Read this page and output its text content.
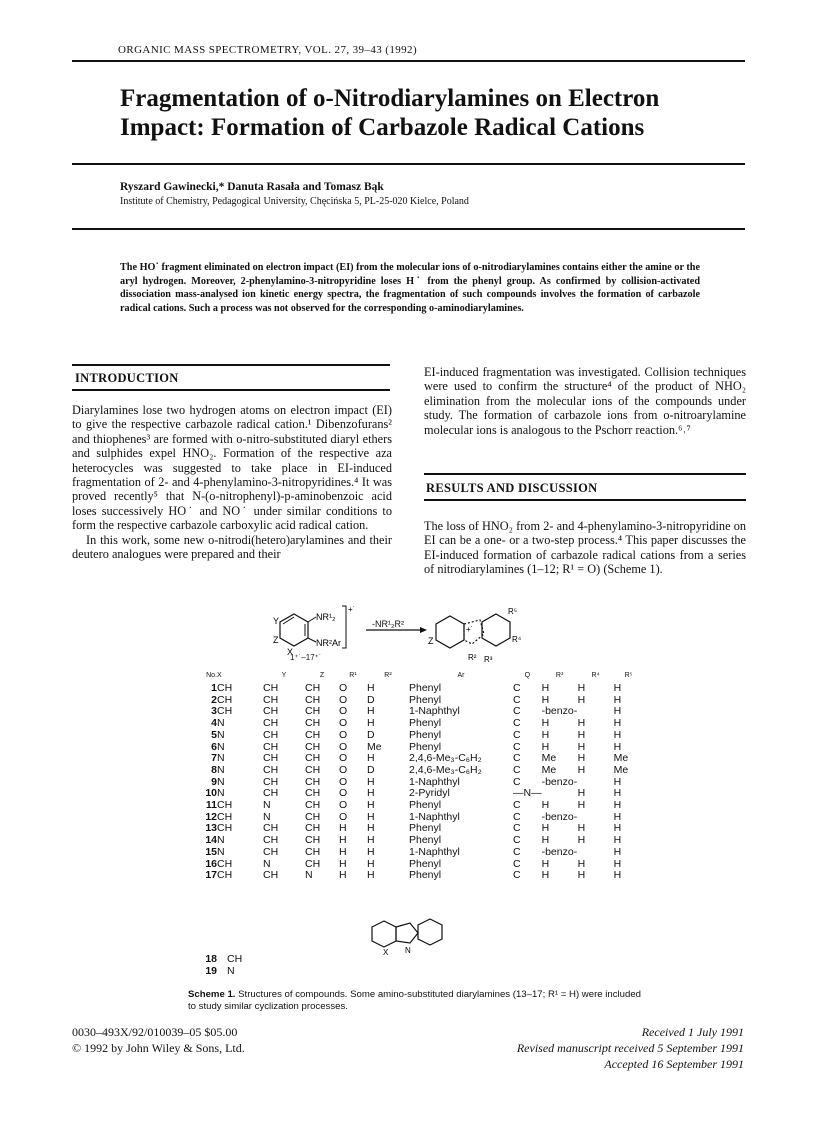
ORGANIC MASS SPECTROMETRY, VOL. 27, 39–43 (1992)
Fragmentation of o-Nitrodiarylamines on Electron
Impact: Formation of Carbazole Radical Cations
Ryszard Gawinecki,* Danuta Rasała and Tomasz Bąk
Institute of Chemistry, Pedagogical University, Chęcińska 5, PL-25-020 Kielce, Poland
The HO˙ fragment eliminated on electron impact (EI) from the molecular ions of o-nitrodiarylamines contains either the amine or the aryl hydrogen. Moreover, 2-phenylamino-3-nitropyridine loses H˙ from the phenyl group. As confirmed by collision-activated dissociation mass-analysed ion kinetic energy spectra, the fragmentation of such compounds involves the formation of carbazole radical cations. Such a process was not observed for the corresponding o-aminodiarylamines.
INTRODUCTION

Diarylamines lose two hydrogen atoms on electron impact (EI) to give the respective carbazole radical cation.¹ Dibenzofurans² and thiophenes³ are formed with o-nitro-substituted diaryl ethers and sulphides expel HNO₂. Formation of the respective aza heterocycles was suggested to take place in EI-induced fragmentation of 2- and 4-phenylamino-3-nitropyridines.⁴ It was proved recently⁵ that N-(o-nitrophenyl)-p-aminobenzoic acid loses successively HO˙ and NO˙ under similar conditions to form the respective carbazole carboxylic acid radical cation.

In this work, some new o-nitrodi(hetero)arylamines and their deutero analogues were prepared and their

EI-induced fragmentation was investigated. Collision techniques were used to confirm the structure⁴ of the product of NHO₂ elimination from the molecular ions of the compounds under study. The formation of carbazole ions from o-nitroarylamine molecular ions is analogous to the Pschorr reaction.⁶˒⁷

RESULTS AND DISCUSSION

The loss of HNO₂ from 2- and 4-phenylamino-3-nitropyridine on EI can be a one- or a two-step process.⁴ This paper discusses the EI-induced formation of carbazole radical cations from a series of nitrodiarylamines (1–12; R¹ = O) (Scheme 1).

Y
Z
X
NR¹₂
NR²Ar
+˙
Z
+˙
R² R³
R⁵
R⁴
-NR¹₂R²
1⁺˙–17⁺˙
No.	X	Y	Z	R¹	R²	Ar	Q	R³	R⁴	R⁵
1	CH	CH	CH	O	H	Phenyl	C	H	H	H
2	CH	CH	CH	O	D	Phenyl	C	H	H	H
3	CH	CH	CH	O	H	1-Naphthyl	C	-benzo-		H
4	N	CH	CH	O	H	Phenyl	C	H	H	H
5	N	CH	CH	O	D	Phenyl	C	H	H	H
6	N	CH	CH	O	Me	Phenyl	C	H	H	H
7	N	CH	CH	O	H	2,4,6-Me₃-C₆H₂	C	Me	H	Me
8	N	CH	CH	O	D	2,4,6-Me₃-C₆H₂	C	Me	H	Me
9	N	CH	CH	O	H	1-Naphthyl	C	-benzo-		H
10	N	CH	CH	O	H	2-Pyridyl	—N—		H	H
11	CH	N	CH	O	H	Phenyl	C	H	H	H
12	CH	N	CH	O	H	1-Naphthyl	C	-benzo-		H
13	CH	CH	CH	H	H	Phenyl	C	H	H	H
14	N	CH	CH	H	H	Phenyl	C	H	H	H
15	N	CH	CH	H	H	1-Naphthyl	C	-benzo-		H
16	CH	N	CH	H	H	Phenyl	C	H	H	H
17	CH	CH	N	H	H	Phenyl	C	H	H	H
X N
18 CH
19 N
Scheme 1. Structures of compounds. Some amino-substituted diarylamines (13–17; R¹ = H) were included to study similar cyclization processes.
0030–493X/92/010039–05 $05.00
© 1992 by John Wiley & Sons, Ltd.
Received 1 July 1991
Revised manuscript received 5 September 1991
Accepted 16 September 1991
